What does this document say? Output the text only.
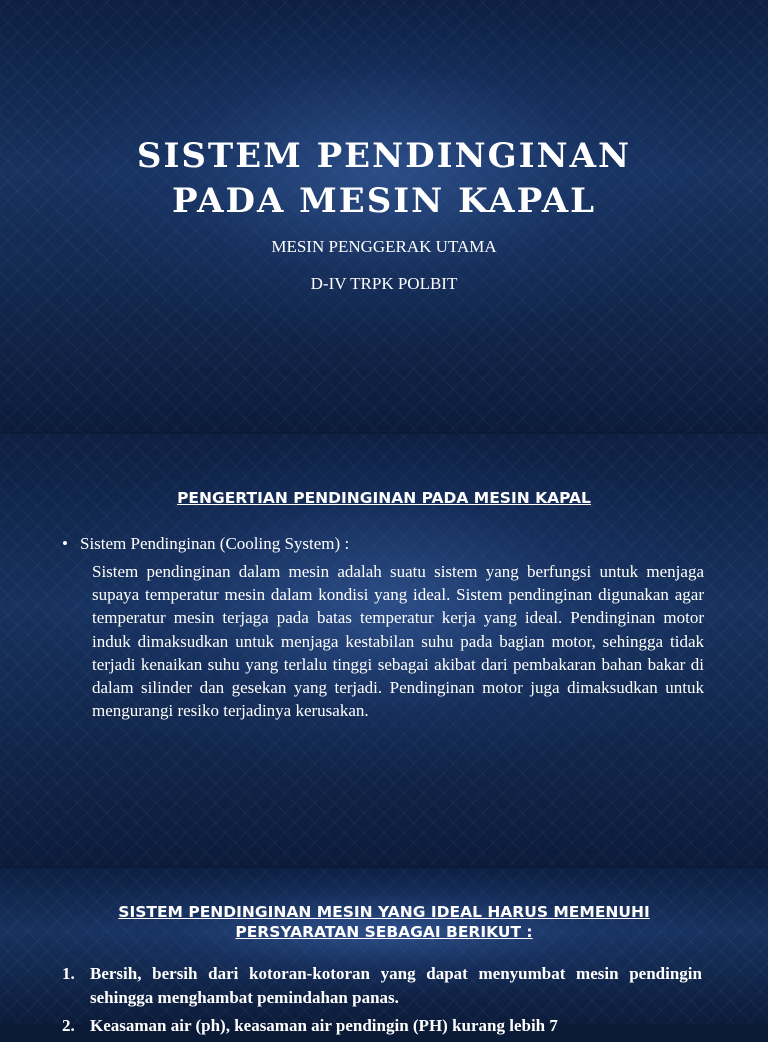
SISTEM PENDINGINAN
PADA MESIN KAPAL

MESIN PENGGERAK UTAMA

D-IV TRPK POLBIT

PENGERTIAN PENDINGINAN PADA MESIN KAPAL
• Sistem Pendinginan (Cooling System) :

Sistem pendinginan dalam mesin adalah suatu sistem yang berfungsi untuk menjaga supaya temperatur mesin dalam kondisi yang ideal. Sistem pendinginan digunakan agar temperatur mesin terjaga pada batas temperatur kerja yang ideal. Pendinginan motor induk dimaksudkan untuk menjaga kestabilan suhu pada bagian motor, sehingga tidak terjadi kenaikan suhu yang terlalu tinggi sebagai akibat dari pembakaran bahan bakar di dalam silinder dan gesekan yang terjadi. Pendinginan motor juga dimaksudkan untuk mengurangi resiko terjadinya kerusakan.

SISTEM PENDINGINAN MESIN YANG IDEAL HARUS MEMENUHI
PERSYARATAN SEBAGAI BERIKUT :
1. Bersih, bersih dari kotoran-kotoran yang dapat menyumbat mesin pendingin sehingga menghambat pemindahan panas.
2. Keasaman air (ph), keasaman air pendingin (PH) kurang lebih 7
